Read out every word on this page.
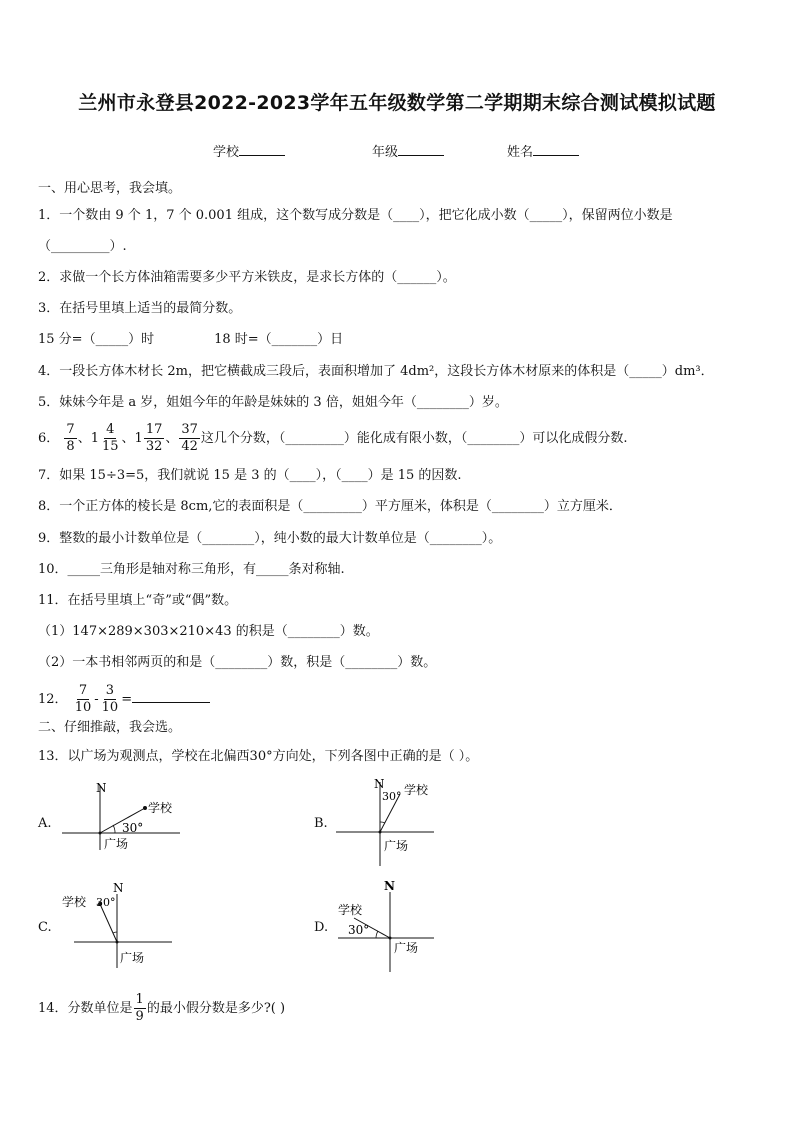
兰州市永登县2022-2023学年五年级数学第二学期期末综合测试模拟试题
学校	年级	姓名
一、用心思考，我会填。
1．一个数由 9 个 1，7 个 0.001 组成，这个数写成分数是（____），把它化成小数（_____），保留两位小数是
（_________）.
2．求做一个长方体油箱需要多少平方米铁皮，是求长方体的（______）。
3．在括号里填上适当的最简分数。
15 分=（_____）时	18 时=（_______）日
4．一段长方体木材长 2m，把它横截成三段后，表面积增加了 4dm²，这段长方体木材原来的体积是（_____）dm³．
5．妹妹今年是 a 岁，姐姐今年的年龄是妹妹的 3 倍，姐姐今年（________）岁。
6． $\frac{7}{8}$ 、$1 \frac{4}{15}$ 、$1 \frac{17}{32}$ 、 $\frac{37}{42}$ 这几个分数，（_________）能化成有限小数，（________）可以化成假分数.
7．如果 15÷3=5，我们就说 15 是 3 的（____），（____）是 15 的因数.
8．一个正方体的棱长是 8cm,它的表面积是（_________）平方厘米，体积是（________）立方厘米．
9．整数的最小计数单位是（________），纯小数的最大计数单位是（________）。
10．_____三角形是轴对称三角形，有_____条对称轴.
11．在括号里填上“奇”或“偶”数。
（1）147×289×303×210×43 的积是（________）数。
（2）一本书相邻两页的和是（________）数，积是（________）数。
12． $\frac{7}{10} - \frac{3}{10}$ =
二、仔细推敲，我会选。
13．以广场为观测点，学校在北偏西30°方向处，下列各图中正确的是（ ）。
A.
N
学校
30°
广场
B.
N
30° 学校
广场
C.
N
学校 30°
广场
D.
N
学校
30°
广场
14．分数单位是 $\frac{1}{9}$ 的最小假分数是多少?( )
